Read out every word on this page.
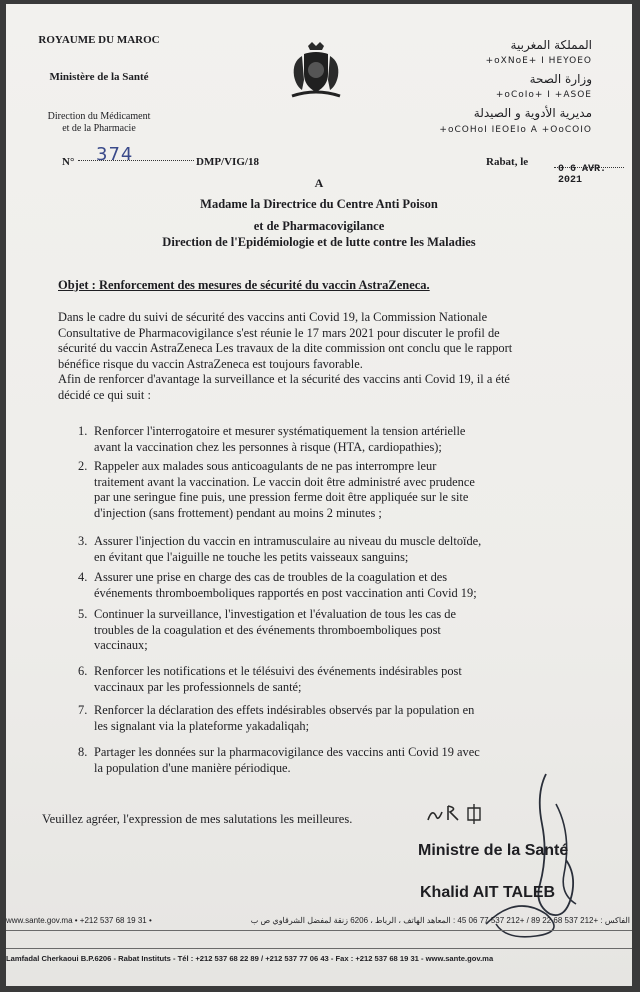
ROYAUME DU MAROC
Ministère de la Santé
Direction du Médicament
et de la Pharmacie
المملكة المغربية
+oXNoE+ I HEYOEO
وزارة الصحة
+oCoIo+ I +ASOE
مديرية الأدوية و الصيدلة
+oCOHoI IEOEIo A +OoCOIO
N° 374	DMP/VIG/18	Rabat, le
0 6 AVR. 2021
A
Madame la Directrice du Centre Anti Poison
et de Pharmacovigilance
Direction de l'Epidémiologie et de lutte contre les Maladies
Objet : Renforcement des mesures de sécurité du vaccin AstraZeneca.
Dans le cadre du suivi de sécurité des vaccins anti Covid 19, la Commission Nationale
Consultative de Pharmacovigilance s'est réunie le 17 mars 2021 pour discuter le profil de
sécurité du vaccin AstraZeneca Les travaux de la dite commission ont conclu que le rapport
bénéfice risque du vaccin AstraZeneca est toujours favorable.
Afin de renforcer d'avantage la surveillance et la sécurité des vaccins anti Covid 19, il a été
décidé ce qui suit :
1. Renforcer l'interrogatoire et mesurer systématiquement la tension artérielle
avant la vaccination chez les personnes à risque (HTA, cardiopathies);
2. Rappeler aux malades sous anticoagulants de ne pas interrompre leur
traitement avant la vaccination. Le vaccin doit être administré avec prudence
par une seringue fine puis, une pression ferme doit être appliquée sur le site
d'injection (sans frottement) pendant au moins 2 minutes ;
3. Assurer l'injection du vaccin en intramusculaire au niveau du muscle deltoïde,
en évitant que l'aiguille ne touche les petits vaisseaux sanguins;
4. Assurer une prise en charge des cas de troubles de la coagulation et des
événements thromboemboliques rapportés en post vaccination anti Covid 19;
5. Continuer la surveillance, l'investigation et l'évaluation de tous les cas de
troubles de la coagulation et des événements thromboemboliques post
vaccinaux;
6. Renforcer les notifications et le télésuivi des événements indésirables post
vaccinaux par les professionnels de santé;
7. Renforcer la déclaration des effets indésirables observés par la population en
les signalant via la plateforme yakadaliqah;
8. Partager les données sur la pharmacovigilance des vaccins anti Covid 19 avec
la population d'une manière périodique.
Veuillez agréer, l'expression de mes salutations les meilleures.
Ministre de la Santé
Khalid AIT TALEB
www.sante.gov.ma • +212 537 68 19 31 •	الفاكس : +212 537 68 22 89 / +212 537 77 06 45 : المعاهد الهاتف ، الرباط ، 6206 زنقة لمفضل الشرقاوي ص ب
Lamfadal Cherkaoui B.P.6206 - Rabat Instituts - Tél : +212 537 68 22 89 / +212 537 77 06 43 - Fax : +212 537 68 19 31 - www.sante.gov.ma
